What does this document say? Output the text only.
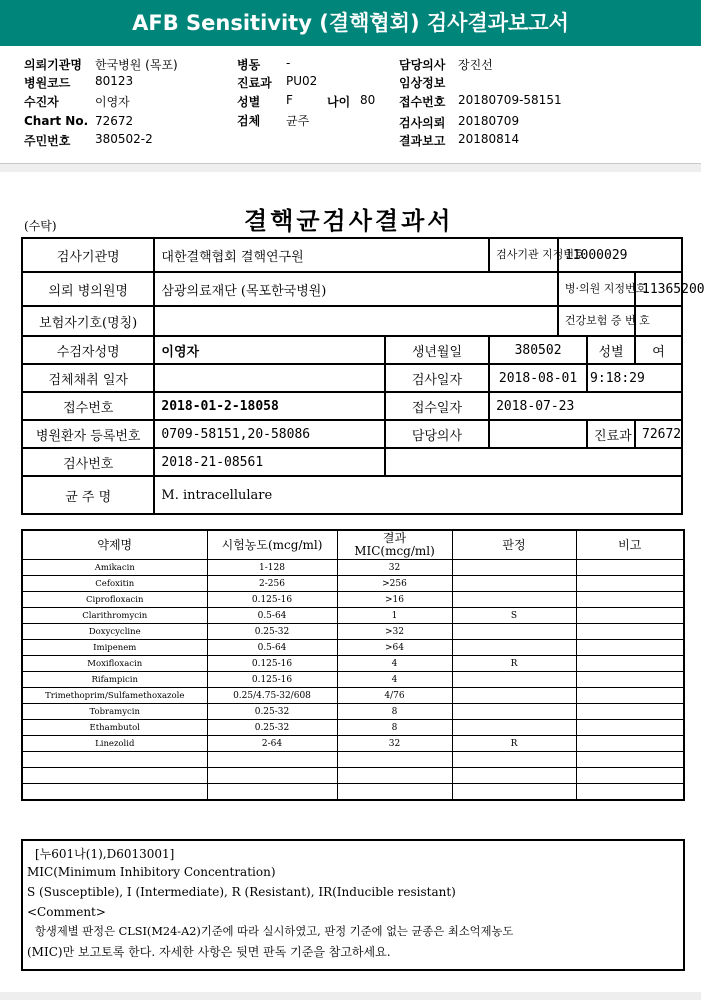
AFB Sensitivity (결핵협회) 검사결과보고서
의뢰기관명 한국병원 (목포)
병원코드 80123
수진자	이영자
Chart No. 72672
주민번호 380502-2
병동 -
진료과 PU02
성별 F	나이 80
검체 균주
담당의사 장진선
임상정보
접수번호 20180709-58151
검사의뢰 20180709
결과보고 20180814
(수탁)	결핵균검사결과서
검사기관명	대한결핵협회 결핵연구원		검사기관 지정번호	11000029		
의뢰 병의원명	삼광의료재단 (목포한국병원)			병·의원 지정번호		11365200
보험자기호(명칭)				건강보험 증 번 호		
수검자성명	이영자	생년월일	380502		성별	여
검체채취 일자		검사일자	2018-08-01		9:18:29	
접수번호	2018-01-2-18058	접수일자	2018-07-23			
병원환자 등록번호	0709-58151,20-58086	담당의사			진료과	72672
검사번호	2018-21-08561					
균 주 명	M. intracellulare					
약제명	시험농도(mcg/ml)	결과 MIC(mcg/ml)	판정	비고
Amikacin	1-128	32		
Cefoxitin	2-256	>256		
Ciprofloxacin	0.125-16	>16		
Clarithromycin	0.5-64	1	S	
Doxycycline	0.25-32	>32		
Imipenem	0.5-64	>64		
Moxifloxacin	0.125-16	4	R	
Rifampicin	0.125-16	4		
Trimethoprim/Sulfamethoxazole	0.25/4.75-32/608	4/76		
Tobramycin	0.25-32	8		
Ethambutol	0.25-32	8		
Linezolid	2-64	32	R	

[누601나(1),D6013001]
MIC(Minimum Inhibitory Concentration)
S (Susceptible), I (Intermediate), R (Resistant), IR(Inducible resistant)
<Comment>
항생제별 판정은 CLSI(M24-A2)기준에 따라 실시하였고, 판정 기준에 없는 균종은 최소억제농도
(MIC)만 보고토록 한다. 자세한 사항은 뒷면 판독 기준을 참고하세요.
